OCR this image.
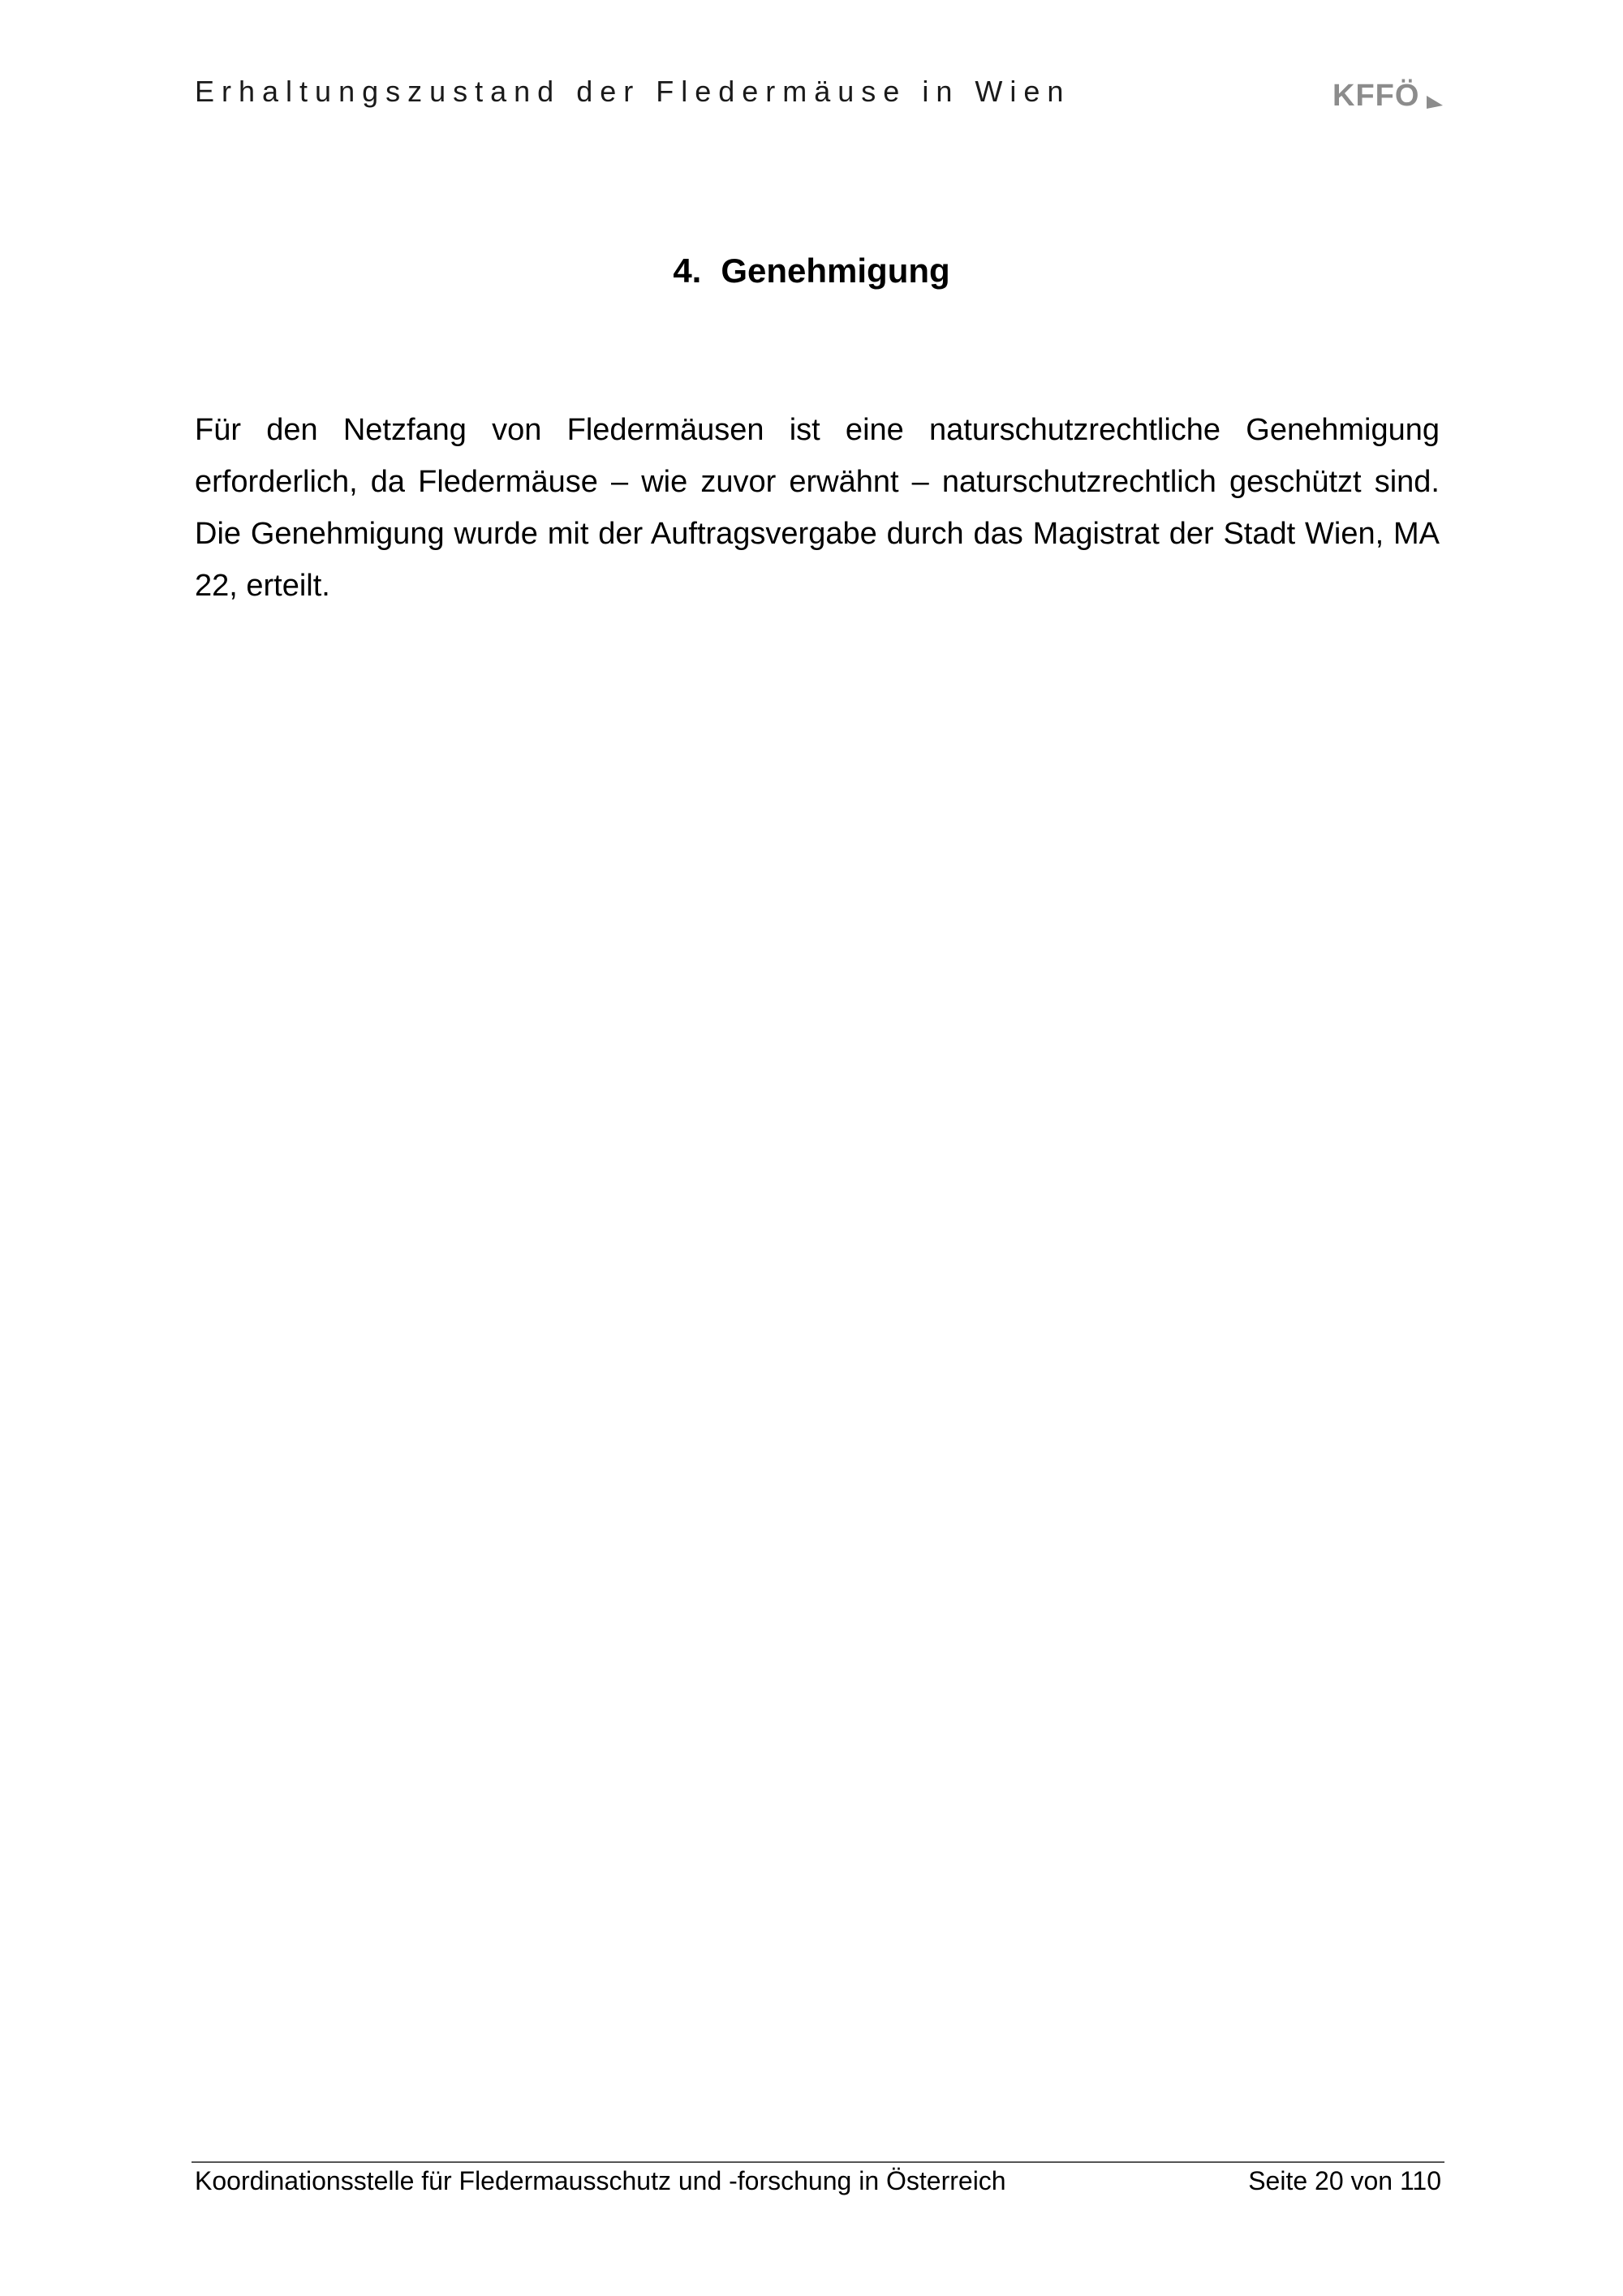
Erhaltungszustand der Fledermäuse in Wien	KFFÖ
4. Genehmigung

Für den Netzfang von Fledermäusen ist eine naturschutzrechtliche Genehmigung erforderlich, da Fledermäuse – wie zuvor erwähnt – naturschutzrechtlich geschützt sind. Die Genehmigung wurde mit der Auftragsvergabe durch das Magistrat der Stadt Wien, MA 22, erteilt.

Koordinationsstelle für Fledermausschutz und -forschung in Österreich	Seite 20 von 110
